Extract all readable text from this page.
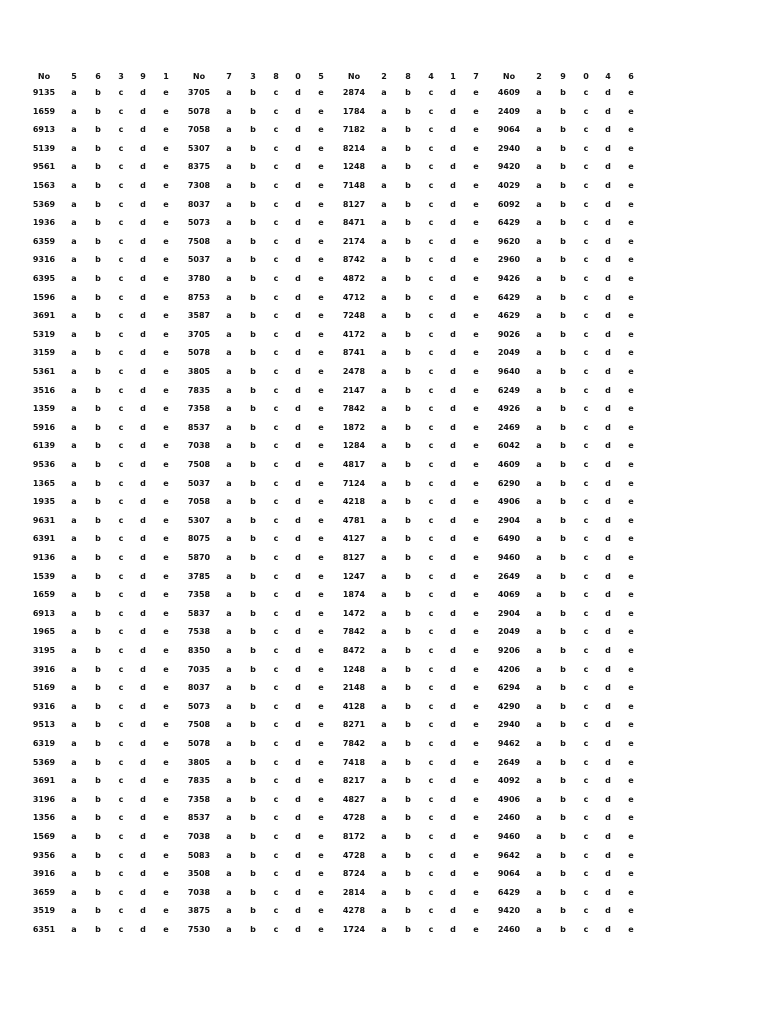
No	5	6	3	9	1
9135	a	b	c	d	e
1659	a	b	c	d	e
6913	a	b	c	d	e
5139	a	b	c	d	e
9561	a	b	c	d	e
1563	a	b	c	d	e
5369	a	b	c	d	e
1936	a	b	c	d	e
6359	a	b	c	d	e
9316	a	b	c	d	e
6395	a	b	c	d	e
1596	a	b	c	d	e
3691	a	b	c	d	e
5319	a	b	c	d	e
3159	a	b	c	d	e
5361	a	b	c	d	e
3516	a	b	c	d	e
1359	a	b	c	d	e
5916	a	b	c	d	e
6139	a	b	c	d	e
9536	a	b	c	d	e
1365	a	b	c	d	e
1935	a	b	c	d	e
9631	a	b	c	d	e
6391	a	b	c	d	e
9136	a	b	c	d	e
1539	a	b	c	d	e
1659	a	b	c	d	e
6913	a	b	c	d	e
1965	a	b	c	d	e
3195	a	b	c	d	e
3916	a	b	c	d	e
5169	a	b	c	d	e
9316	a	b	c	d	e
9513	a	b	c	d	e
6319	a	b	c	d	e
5369	a	b	c	d	e
3691	a	b	c	d	e
3196	a	b	c	d	e
1356	a	b	c	d	e
1569	a	b	c	d	e
9356	a	b	c	d	e
3916	a	b	c	d	e
3659	a	b	c	d	e
3519	a	b	c	d	e
6351	a	b	c	d	e
No	7	3	8	0	5
3705	a	b	c	d	e
5078	a	b	c	d	e
7058	a	b	c	d	e
5307	a	b	c	d	e
8375	a	b	c	d	e
7308	a	b	c	d	e
8037	a	b	c	d	e
5073	a	b	c	d	e
7508	a	b	c	d	e
5037	a	b	c	d	e
3780	a	b	c	d	e
8753	a	b	c	d	e
3587	a	b	c	d	e
3705	a	b	c	d	e
5078	a	b	c	d	e
3805	a	b	c	d	e
7835	a	b	c	d	e
7358	a	b	c	d	e
8537	a	b	c	d	e
7038	a	b	c	d	e
7508	a	b	c	d	e
5037	a	b	c	d	e
7058	a	b	c	d	e
5307	a	b	c	d	e
8075	a	b	c	d	e
5870	a	b	c	d	e
3785	a	b	c	d	e
7358	a	b	c	d	e
5837	a	b	c	d	e
7538	a	b	c	d	e
8350	a	b	c	d	e
7035	a	b	c	d	e
8037	a	b	c	d	e
5073	a	b	c	d	e
7508	a	b	c	d	e
5078	a	b	c	d	e
3805	a	b	c	d	e
7835	a	b	c	d	e
7358	a	b	c	d	e
8537	a	b	c	d	e
7038	a	b	c	d	e
5083	a	b	c	d	e
3508	a	b	c	d	e
7038	a	b	c	d	e
3875	a	b	c	d	e
7530	a	b	c	d	e
No	2	8	4	1	7
2874	a	b	c	d	e
1784	a	b	c	d	e
7182	a	b	c	d	e
8214	a	b	c	d	e
1248	a	b	c	d	e
7148	a	b	c	d	e
8127	a	b	c	d	e
8471	a	b	c	d	e
2174	a	b	c	d	e
8742	a	b	c	d	e
4872	a	b	c	d	e
4712	a	b	c	d	e
7248	a	b	c	d	e
4172	a	b	c	d	e
8741	a	b	c	d	e
2478	a	b	c	d	e
2147	a	b	c	d	e
7842	a	b	c	d	e
1872	a	b	c	d	e
1284	a	b	c	d	e
4817	a	b	c	d	e
7124	a	b	c	d	e
4218	a	b	c	d	e
4781	a	b	c	d	e
4127	a	b	c	d	e
8127	a	b	c	d	e
1247	a	b	c	d	e
1874	a	b	c	d	e
1472	a	b	c	d	e
7842	a	b	c	d	e
8472	a	b	c	d	e
1248	a	b	c	d	e
2148	a	b	c	d	e
4128	a	b	c	d	e
8271	a	b	c	d	e
7842	a	b	c	d	e
7418	a	b	c	d	e
8217	a	b	c	d	e
4827	a	b	c	d	e
4728	a	b	c	d	e
8172	a	b	c	d	e
4728	a	b	c	d	e
8724	a	b	c	d	e
2814	a	b	c	d	e
4278	a	b	c	d	e
1724	a	b	c	d	e
No	2	9	0	4	6
4609	a	b	c	d	e
2409	a	b	c	d	e
9064	a	b	c	d	e
2940	a	b	c	d	e
9420	a	b	c	d	e
4029	a	b	c	d	e
6092	a	b	c	d	e
6429	a	b	c	d	e
9620	a	b	c	d	e
2960	a	b	c	d	e
9426	a	b	c	d	e
6429	a	b	c	d	e
4629	a	b	c	d	e
9026	a	b	c	d	e
2049	a	b	c	d	e
9640	a	b	c	d	e
6249	a	b	c	d	e
4926	a	b	c	d	e
2469	a	b	c	d	e
6042	a	b	c	d	e
4609	a	b	c	d	e
6290	a	b	c	d	e
4906	a	b	c	d	e
2904	a	b	c	d	e
6490	a	b	c	d	e
9460	a	b	c	d	e
2649	a	b	c	d	e
4069	a	b	c	d	e
2904	a	b	c	d	e
2049	a	b	c	d	e
9206	a	b	c	d	e
4206	a	b	c	d	e
6294	a	b	c	d	e
4290	a	b	c	d	e
2940	a	b	c	d	e
9462	a	b	c	d	e
2649	a	b	c	d	e
4092	a	b	c	d	e
4906	a	b	c	d	e
2460	a	b	c	d	e
9460	a	b	c	d	e
9642	a	b	c	d	e
9064	a	b	c	d	e
6429	a	b	c	d	e
9420	a	b	c	d	e
2460	a	b	c	d	e
